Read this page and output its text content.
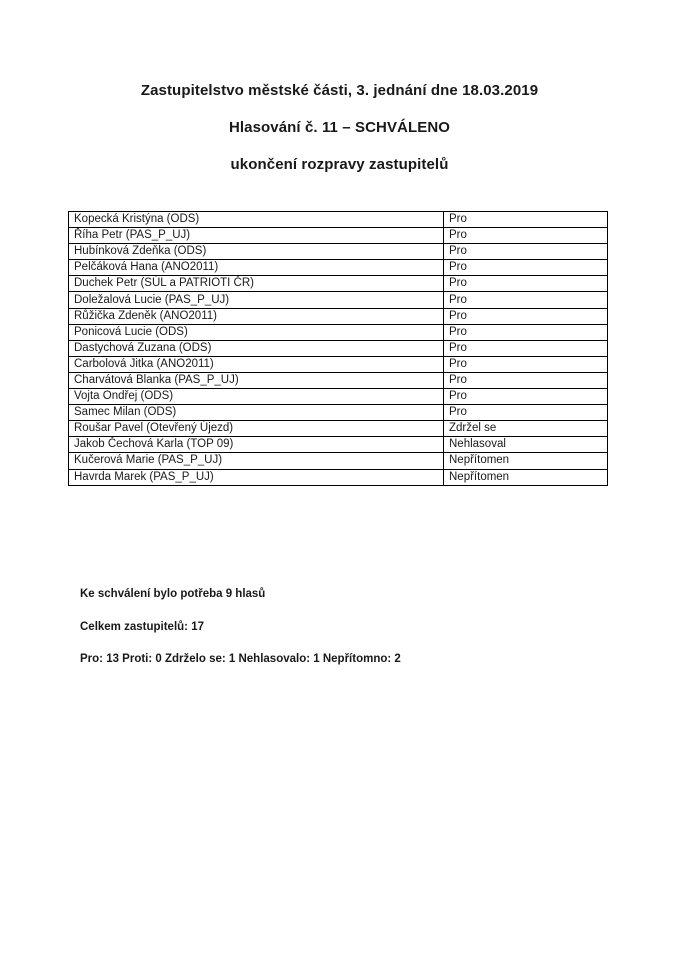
Zastupitelstvo městské části, 3. jednání dne 18.03.2019
Hlasování č. 11 – SCHVÁLENO
ukončení rozpravy zastupitelů
Kopecká Kristýna (ODS)	Pro
Říha Petr (PAS_P_UJ)	Pro
Hubínková Zdeňka (ODS)	Pro
Pelčáková Hana (ANO2011)	Pro
Duchek Petr (SÚL a PATRIOTI ČR)	Pro
Doležalová Lucie (PAS_P_UJ)	Pro
Růžička Zdeněk (ANO2011)	Pro
Ponicová Lucie (ODS)	Pro
Dastychová Zuzana (ODS)	Pro
Carbolová Jitka (ANO2011)	Pro
Charvátová Blanka (PAS_P_UJ)	Pro
Vojta Ondřej (ODS)	Pro
Samec Milan (ODS)	Pro
Roušar Pavel (Otevřený Újezd)	Zdržel se
Jakob Čechová Karla (TOP 09)	Nehlasoval
Kučerová Marie (PAS_P_UJ)	Nepřítomen
Havrda Marek (PAS_P_UJ)	Nepřítomen
Ke schválení bylo potřeba 9 hlasů
Celkem zastupitelů: 17
Pro: 13 Proti: 0 Zdrželo se: 1 Nehlasovalo: 1 Nepřítomno: 2
